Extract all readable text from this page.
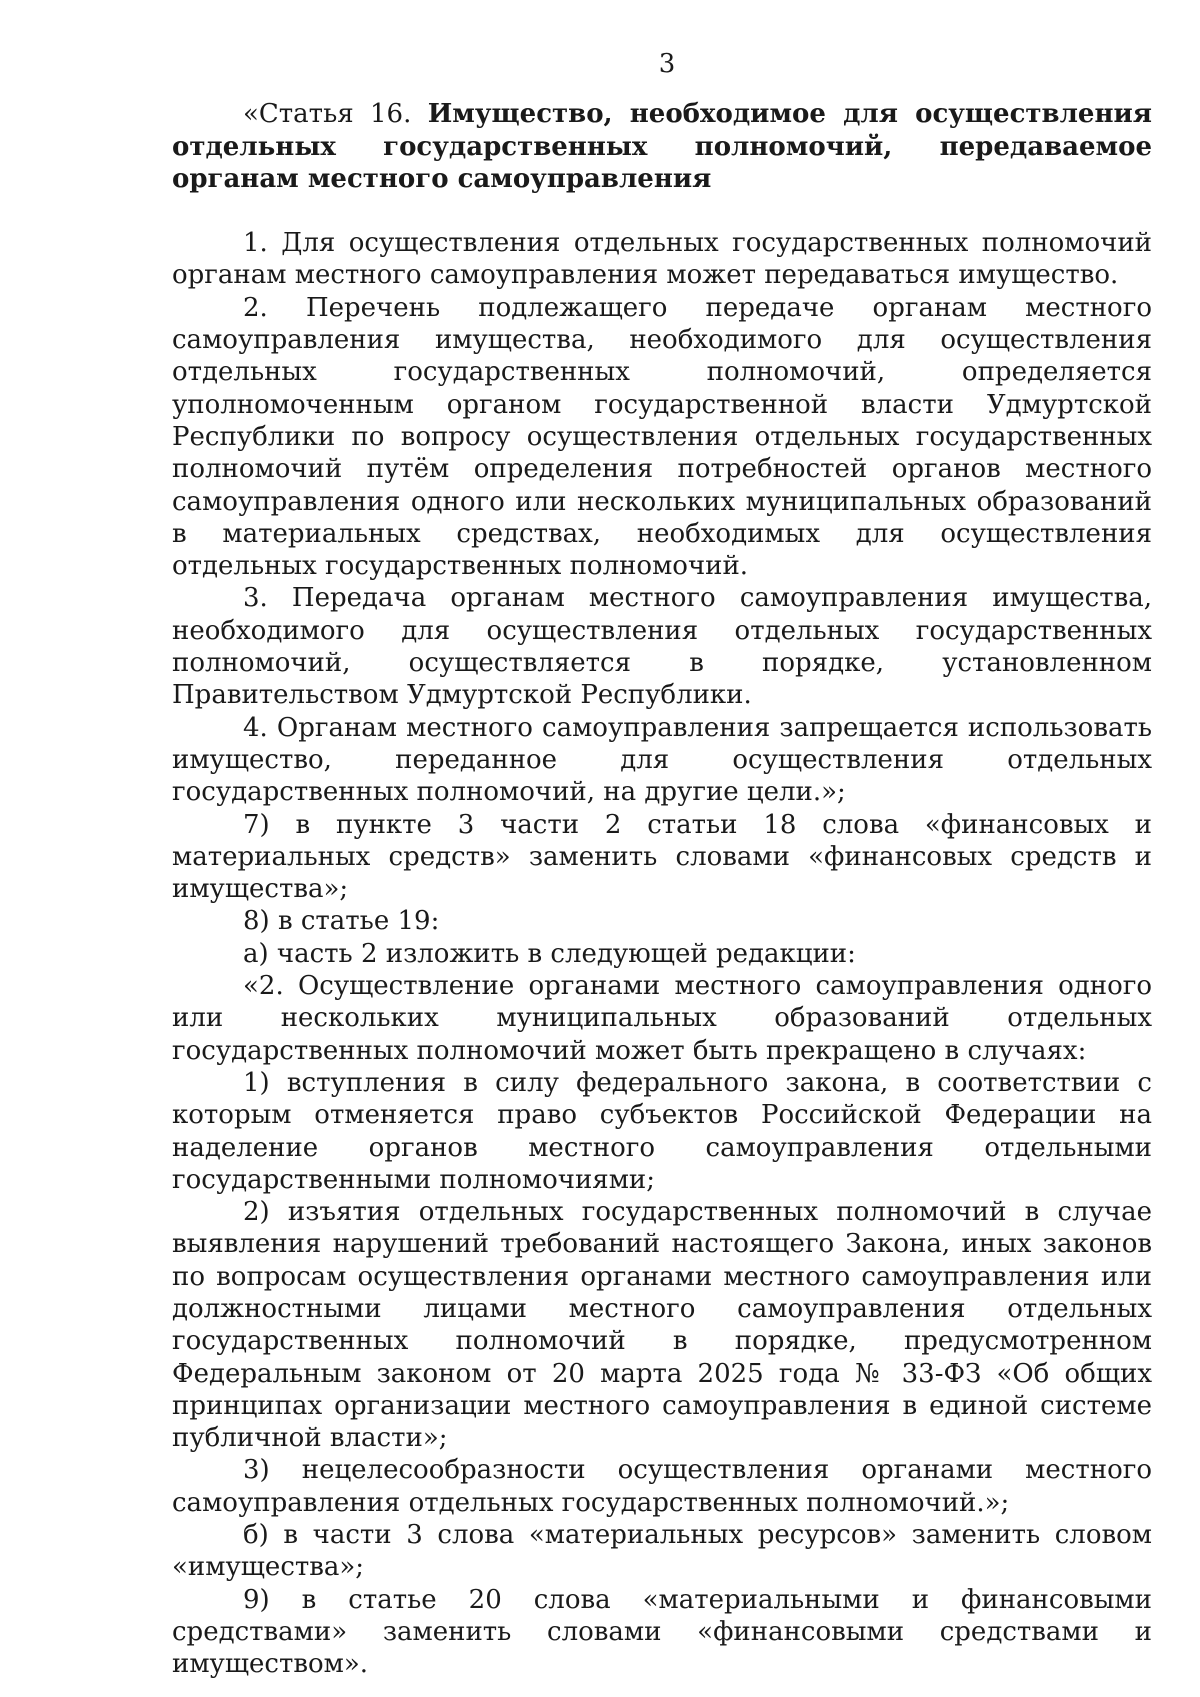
3
«Статья 16. Имущество, необходимое для осуществления отдельных государственных полномочий, передаваемое органам местного самоуправления

1. Для осуществления отдельных государственных полномочий органам местного самоуправления может передаваться имущество.

2. Перечень подлежащего передаче органам местного самоуправления имущества, необходимого для осуществления отдельных государственных полномочий, определяется уполномоченным органом государственной власти Удмуртской Республики по вопросу осуществления отдельных государственных полномочий путём определения потребностей органов местного самоуправления одного или нескольких муниципальных образований в материальных средствах, необходимых для осуществления отдельных государственных полномочий.

3. Передача органам местного самоуправления имущества, необходимого для осуществления отдельных государственных полномочий, осуществляется в порядке, установленном Правительством Удмуртской Республики.

4. Органам местного самоуправления запрещается использовать имущество, переданное для осуществления отдельных государственных полномочий, на другие цели.»;

7) в пункте 3 части 2 статьи 18 слова «финансовых и материальных средств» заменить словами «финансовых средств и имущества»;

8) в статье 19:

а) часть 2 изложить в следующей редакции:

«2. Осуществление органами местного самоуправления одного или нескольких муниципальных образований отдельных государственных полномочий может быть прекращено в случаях:

1) вступления в силу федерального закона, в соответствии с которым отменяется право субъектов Российской Федерации на наделение органов местного самоуправления отдельными государственными полномочиями;

2) изъятия отдельных государственных полномочий в случае выявления нарушений требований настоящего Закона, иных законов по вопросам осуществления органами местного самоуправления или должностными лицами местного самоуправления отдельных государственных полномочий в порядке, предусмотренном Федеральным законом от 20 марта 2025 года № 33-ФЗ «Об общих принципах организации местного самоуправления в единой системе публичной власти»;

3) нецелесообразности осуществления органами местного самоуправления отдельных государственных полномочий.»;

б) в части 3 слова «материальных ресурсов» заменить словом «имущества»;

9) в статье 20 слова «материальными и финансовыми средствами» заменить словами «финансовыми средствами и имуществом».
